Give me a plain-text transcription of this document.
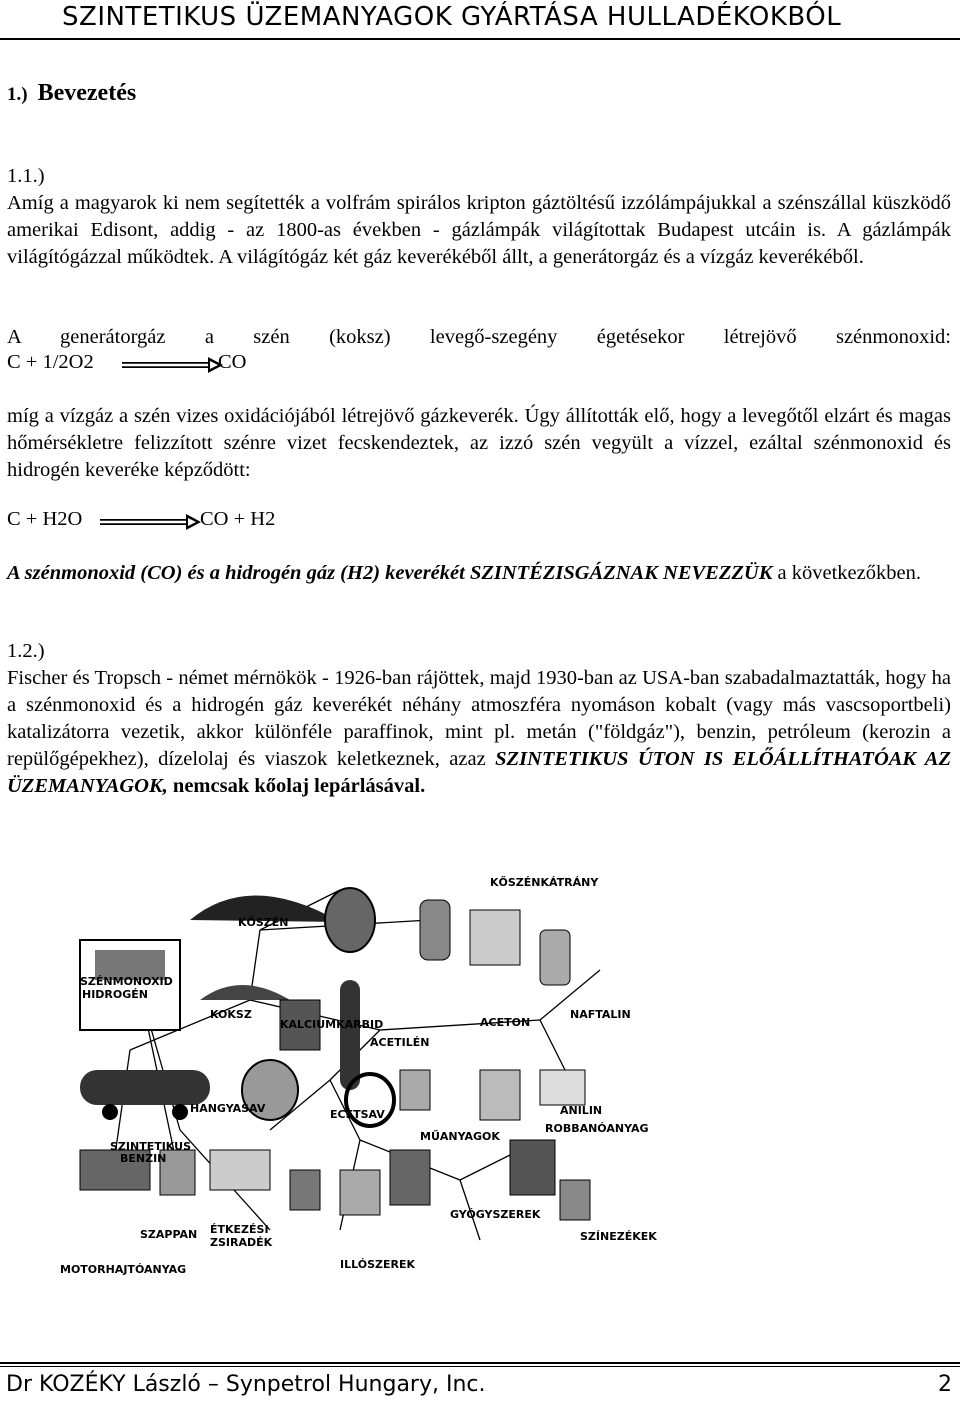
SZINTETIKUS ÜZEMANYAGOK GYÁRTÁSA HULLADÉKOKBÓL
1.) Bevezetés
1.1.)
Amíg a magyarok ki nem segítették a volfrám spirálos kripton gáztöltésű izzólámpájukkal a szénszállal küszködő amerikai Edisont, addig - az 1800-as években - gázlámpák világítottak Budapest utcáin is. A gázlámpák világítógázzal működtek. A világítógáz két gáz keverékéből állt, a generátorgáz és a vízgáz keverékéből.
A generátorgáz a szén (koksz) levegő-szegény égetésekor létrejövő szénmonoxid:
C + 1/2O2	CO
míg a vízgáz a szén vizes oxidációjából létrejövő gázkeverék. Úgy állították elő, hogy a levegőtől elzárt és magas hőmérsékletre felizzított szénre vizet fecskendeztek, az izzó szén vegyült a vízzel, ezáltal szénmonoxid és hidrogén keveréke képződött:
C + H2O	CO + H2
A szénmonoxid (CO) és a hidrogén gáz (H2) keverékét SZINTÉZISGÁZNAK NEVEZZÜK a következőkben.
1.2.)
Fischer és Tropsch - német mérnökök - 1926-ban rájöttek, majd 1930-ban az USA-ban szabadalmaztatták, hogy ha a szénmonoxid és a hidrogén gáz keverékét néhány atmoszféra nyomáson kobalt (vagy más vascsoportbeli) katalizátorra vezetik, akkor különféle paraffinok, mint pl. metán ("földgáz"), benzin, petróleum (kerozin a repülőgépekhez), dízelolaj és viaszok keletkeznek, azaz SZINTETIKUS ÚTON IS ELŐÁLLÍTHATÓAK AZ ÜZEMANYAGOK, nemcsak kőolaj lepárlásával.
KŐSZÉNKÁTRÁNY
KŐSZÉN
SZÉNMONOXID
HIDROGÉN
KOKSZ
KALCIUMKARBID
ACETILÉN
ACETON
NAFTALIN
HANGYASAV	ECETSAV	ANILIN
ROBBANÓANYAG
SZINTETIKUS
BENZIN
MŰANYAGOK
GYÓGYSZEREK
SZAPPAN ÉTKEZÉSI
ZSIRADÉK
MOTORHAJTÓANYAG	ILLÓSZEREK
SZÍNEZÉKEK
Dr KOZÉKY László – Synpetrol Hungary, Inc.	2
